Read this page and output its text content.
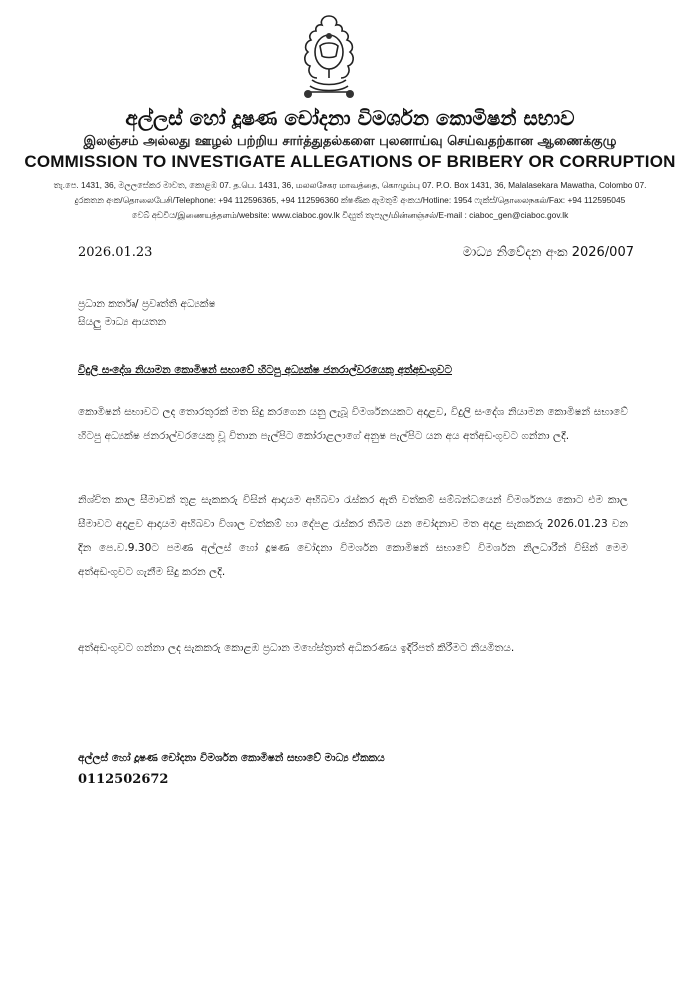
අල්ලස් හෝ දූෂණ චෝදනා විමර්ශන කොමිෂන් සභාව
இலஞ்சம் அல்லது ஊழல் பற்றிய சார்த்துதல்களை புலனாய்வு செய்வதற்கான ஆணைக்குழு
COMMISSION TO INVESTIGATE ALLEGATIONS OF BRIBERY OR CORRUPTION
තැ.පෙ. 1431, 36, මලලසේකර මාවත, කොළඹ 07. த.பெ. 1431, 36, மலலசேகர மாவத்தை, கொழும்பு 07. P.O. Box 1431, 36, Malalasekara Mawatha, Colombo 07.
දුරකතන අංක/தொலைபேசி/Telephone: +94 112596365, +94 112596360 ක්ෂණික ඇමතුම් අංකය/Hotline: 1954 ෆැක්ස්/தொலைநகல்/Fax: +94 112595045
වෙබ් අඩවිය/இணையத்தளம்/website: www.ciaboc.gov.lk විද්‍යුත් තැපෑල/மின்னஞ்சல்/E-mail : ciaboc_gen@ciaboc.gov.lk
2026.01.23	මාධ්‍ය නිවේදන අංක 2026/007
ප්‍රධාන කර්තෘ/ ප්‍රවෘත්ති අධ්‍යක්ෂ
සියලු මාධ්‍ය ආයතන
විදුලි සංදේශ නියාමන කොමිෂන් සභාවේ හිටපු අධ්‍යක්ෂ ජනරාල්වරයෙකු අත්අඩංගුවට
කොමිෂන් සභාවට ලද තොරතුරක් මත සිදු කරගෙන යනු ලැබූ විමර්ශනයකට අදාළව, විදුලි සංදේශ නියාමන කොමිෂන් සභාවේ හිටපු අධ්‍යක්ෂ ජනරාල්වරයෙකු වූ විතාන පැල්පිට කෝරාළලාගේ අනුෂ පැල්පිට යන අය අත්අඩංගුවට ගන්නා ලදී.
නිශ්චිත කාල සීමාවක් තුළ සැකකරු විසින් ආදායම අභිබවා රැස්කර ඇති වත්කම් සම්බන්ධයෙන් විමර්ශනය කොට එම කාල සීමාවට අදාළව ආදායම අභිබවා විශාල වත්කම් හා දේපළ රැස්කර තිබීම යන චෝදනාව මත අදාළ සැකකරු 2026.01.23 වන දින පෙ.ව.9.30ට පමණ අල්ලස් හෝ දූෂණ චෝදනා විමර්ශන කොමිෂන් සභාවේ විමර්ශන නිලධාරීන් විසින් මෙම අත්අඩංගුවට ගැනීම සිදු කරන ලදි.
අත්අඩංගුවට ගන්නා ලද සැකකරු කොළඹ ප්‍රධාන මහේස්ත්‍රාත් අධිකරණය ඉදිරිපත් කිරීමට නියමිතය.
අල්ලස් හෝ දූෂණ චෝදනා විමර්ශන කොමිෂන් සභාවේ මාධ්‍ය ඒකකය
0112502672
